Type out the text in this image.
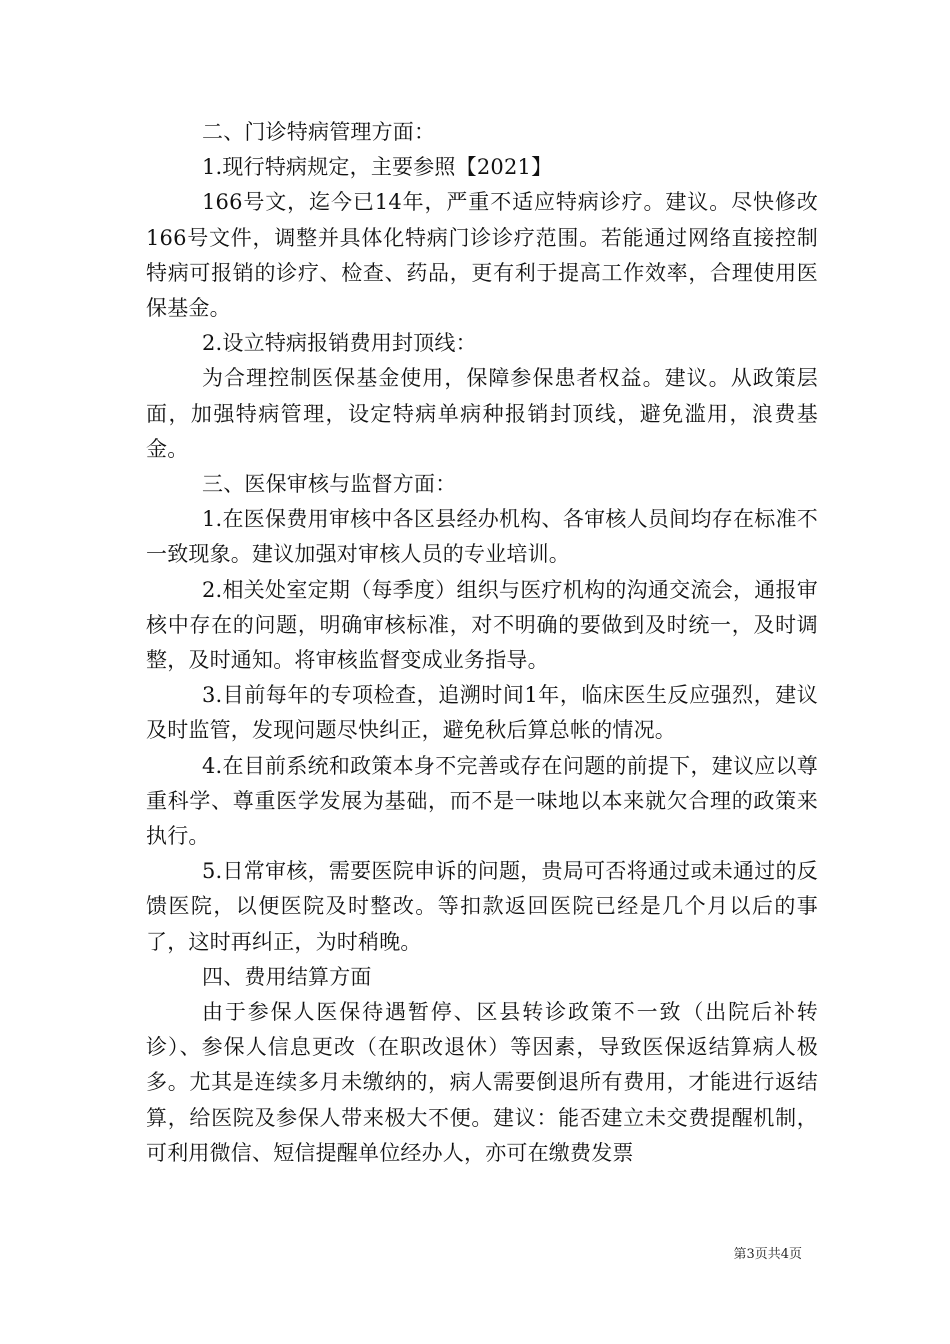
二、门诊特病管理方面：

1.现行特病规定，主要参照【2021】

166号文，迄今已14年，严重不适应特病诊疗。建议。尽快修改166号文件，调整并具体化特病门诊诊疗范围。若能通过网络直接控制特病可报销的诊疗、检查、药品，更有利于提高工作效率，合理使用医保基金。

2.设立特病报销费用封顶线：

为合理控制医保基金使用，保障参保患者权益。建议。从政策层面，加强特病管理，设定特病单病种报销封顶线，避免滥用，浪费基金。

三、医保审核与监督方面：

1.在医保费用审核中各区县经办机构、各审核人员间均存在标准不一致现象。建议加强对审核人员的专业培训。

2.相关处室定期（每季度）组织与医疗机构的沟通交流会，通报审核中存在的问题，明确审核标准，对不明确的要做到及时统一，及时调整，及时通知。将审核监督变成业务指导。

3.目前每年的专项检查，追溯时间1年，临床医生反应强烈，建议及时监管，发现问题尽快纠正，避免秋后算总帐的情况。

4.在目前系统和政策本身不完善或存在问题的前提下，建议应以尊重科学、尊重医学发展为基础，而不是一味地以本来就欠合理的政策来执行。

5.日常审核，需要医院申诉的问题，贵局可否将通过或未通过的反馈医院，以便医院及时整改。等扣款返回医院已经是几个月以后的事了，这时再纠正，为时稍晚。

四、费用结算方面

由于参保人医保待遇暂停、区县转诊政策不一致（出院后补转诊）、参保人信息更改（在职改退休）等因素，导致医保返结算病人极多。尤其是连续多月未缴纳的，病人需要倒退所有费用，才能进行返结算，给医院及参保人带来极大不便。建议：能否建立未交费提醒机制，可利用微信、短信提醒单位经办人，亦可在缴费发票

第3页共4页
